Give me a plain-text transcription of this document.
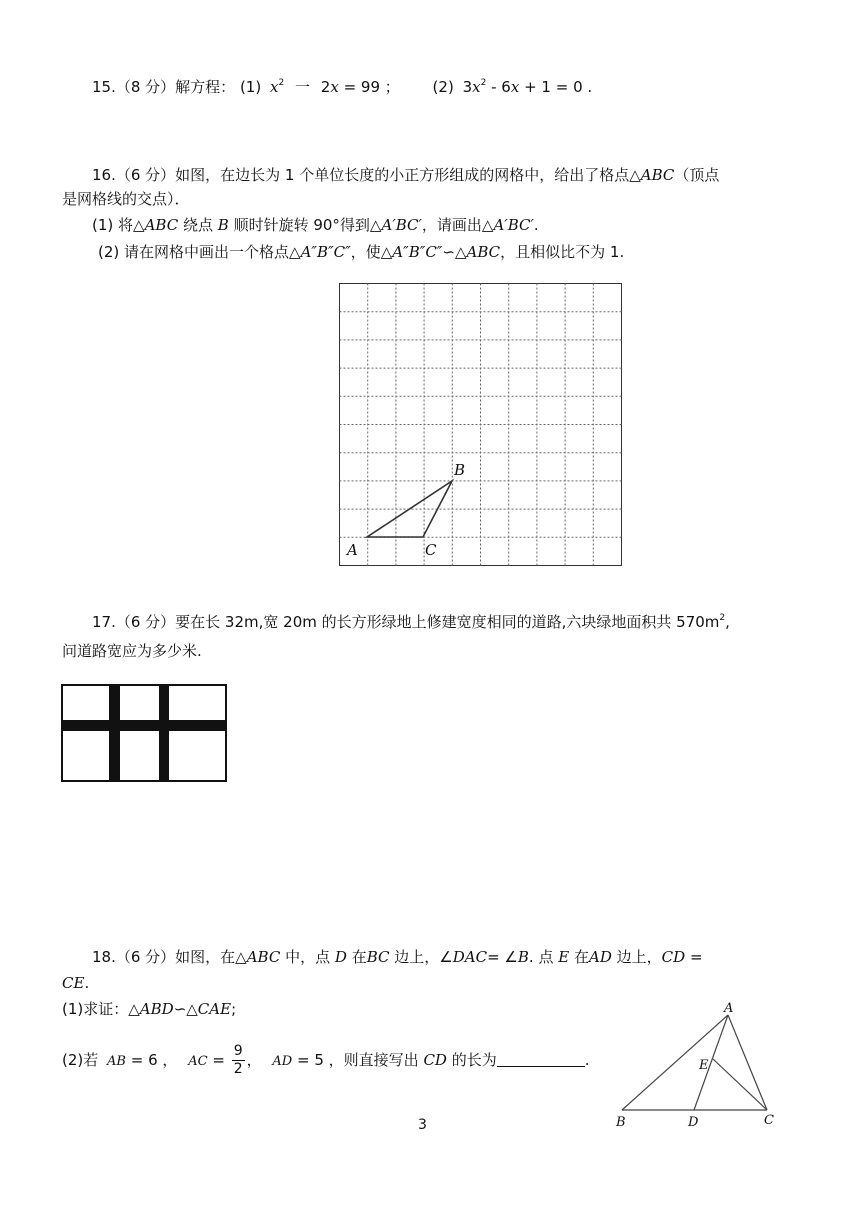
15.（8 分）解方程： (1) $x^2$ 一 2x = 99 ； (2) $3x^2 - 6x + 1 = 0$ .
16.（6 分）如图，在边长为 1 个单位长度的小正方形组成的网格中，给出了格点△ABC（顶点
是网格线的交点）．
(1) 将△ABC 绕点 B 顺时针旋转 90°得到△A′BC′，请画出△A′BC′.
(2) 请在网格中画出一个格点△A″B″C″，使△A″B″C″∽△ABC，且相似比不为 1.
A
B
C
17.（6 分）要在长 32m,宽 20m 的长方形绿地上修建宽度相同的道路,六块绿地面积共 $570m^2$,
问道路宽应为多少米.
18.（6 分）如图，在△ABC 中，点 D 在BC 边上，∠DAC= ∠B. 点 E 在AD 边上，CD =
CE.
(1)求证：△ABD∽△CAE;
(2)若 AB = 6 ， AC = $\frac{9}{2}$ ， AD = 5 ，则直接写出 CD 的长为	.
A
B	C
D
E
3
